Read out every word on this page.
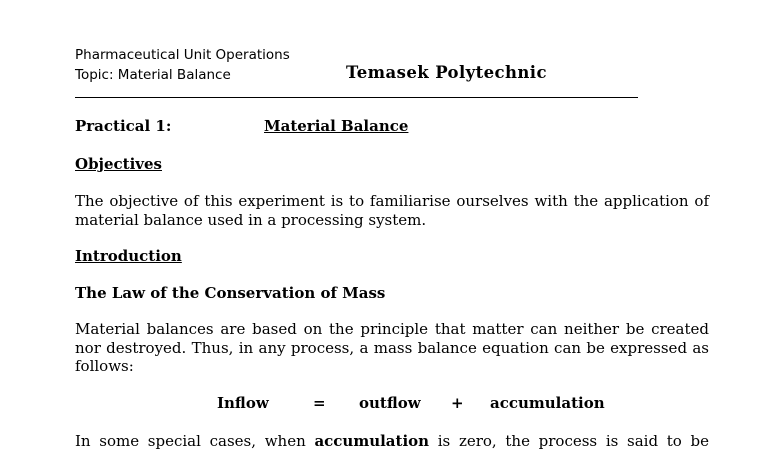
Pharmaceutical Unit Operations
Topic: Material Balance	Temasek Polytechnic
Practical 1:	Material Balance
Objectives
The objective of this experiment is to familiarise ourselves with the application of material balance used in a processing system.
Introduction
The Law of the Conservation of Mass
Material balances are based on the principle that matter can neither be created nor destroyed. Thus, in any process, a mass balance equation can be expressed as follows:
Inflow	= outflow + accumulation
In some special cases, when accumulation is zero, the process is said to be
